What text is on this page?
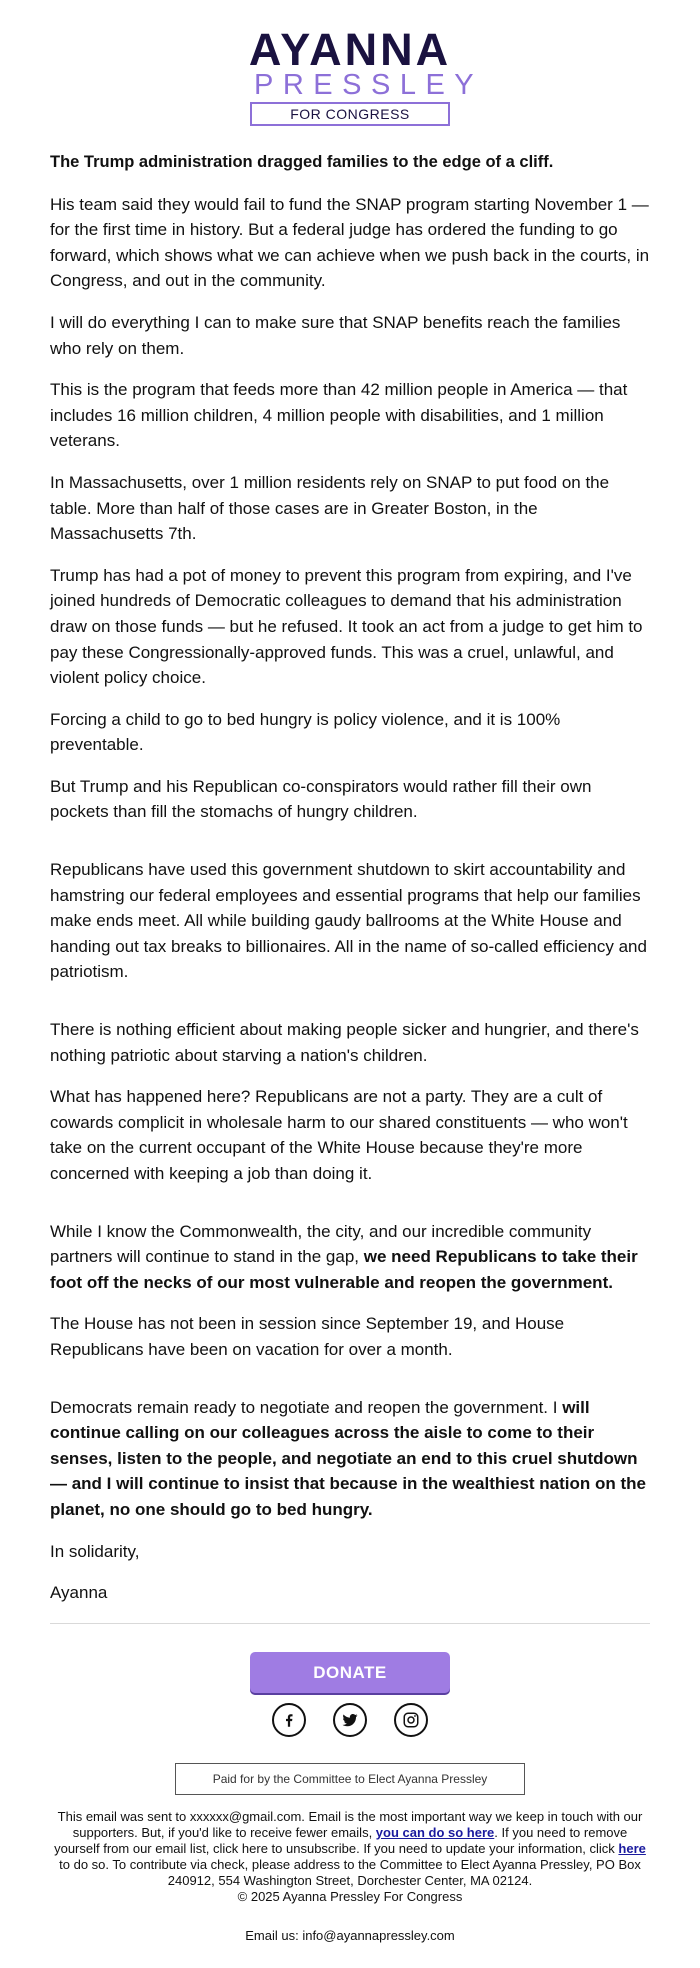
AYANNA
PRESSLEY
FOR CONGRESS

The Trump administration dragged families to the edge of a cliff.

His team said they would fail to fund the SNAP program starting November 1 — for the first time in history. But a federal judge has ordered the funding to go forward, which shows what we can achieve when we push back in the courts, in Congress, and out in the community.

I will do everything I can to make sure that SNAP benefits reach the families who rely on them.

This is the program that feeds more than 42 million people in America — that includes 16 million children, 4 million people with disabilities, and 1 million veterans.

In Massachusetts, over 1 million residents rely on SNAP to put food on the table. More than half of those cases are in Greater Boston, in the Massachusetts 7th.

Trump has had a pot of money to prevent this program from expiring, and I've joined hundreds of Democratic colleagues to demand that his administration draw on those funds — but he refused. It took an act from a judge to get him to pay these Congressionally-approved funds. This was a cruel, unlawful, and violent policy choice.

Forcing a child to go to bed hungry is policy violence, and it is 100% preventable.

But Trump and his Republican co-conspirators would rather fill their own pockets than fill the stomachs of hungry children.

Republicans have used this government shutdown to skirt accountability and hamstring our federal employees and essential programs that help our families make ends meet. All while building gaudy ballrooms at the White House and handing out tax breaks to billionaires. All in the name of so-called efficiency and patriotism.

There is nothing efficient about making people sicker and hungrier, and there's nothing patriotic about starving a nation's children.

What has happened here? Republicans are not a party. They are a cult of cowards complicit in wholesale harm to our shared constituents — who won't take on the current occupant of the White House because they're more concerned with keeping a job than doing it.

While I know the Commonwealth, the city, and our incredible community partners will continue to stand in the gap, we need Republicans to take their foot off the necks of our most vulnerable and reopen the government.

The House has not been in session since September 19, and House Republicans have been on vacation for over a month.

Democrats remain ready to negotiate and reopen the government. I will continue calling on our colleagues across the aisle to come to their senses, listen to the people, and negotiate an end to this cruel shutdown — and I will continue to insist that because in the wealthiest nation on the planet, no one should go to bed hungry.

In solidarity,

Ayanna

DONATE
Paid for by the Committee to Elect Ayanna Presslеy
This email was sent to xxxxxx@gmail.com. Email is the most important way we keep in touch with our supporters. But, if you'd like to receive fewer emails, you can do so here. If you need to remove yourself from our email list, click here to unsubscribe. If you need to update your information, click here to do so. To contribute via check, please address to the Committee to Elect Ayanna Pressley, PO Box 240912, 554 Washington Street, Dorchester Center, MA 02124.
© 2025 Ayanna Pressley For Congress
Email us: info@ayannapressley.com
